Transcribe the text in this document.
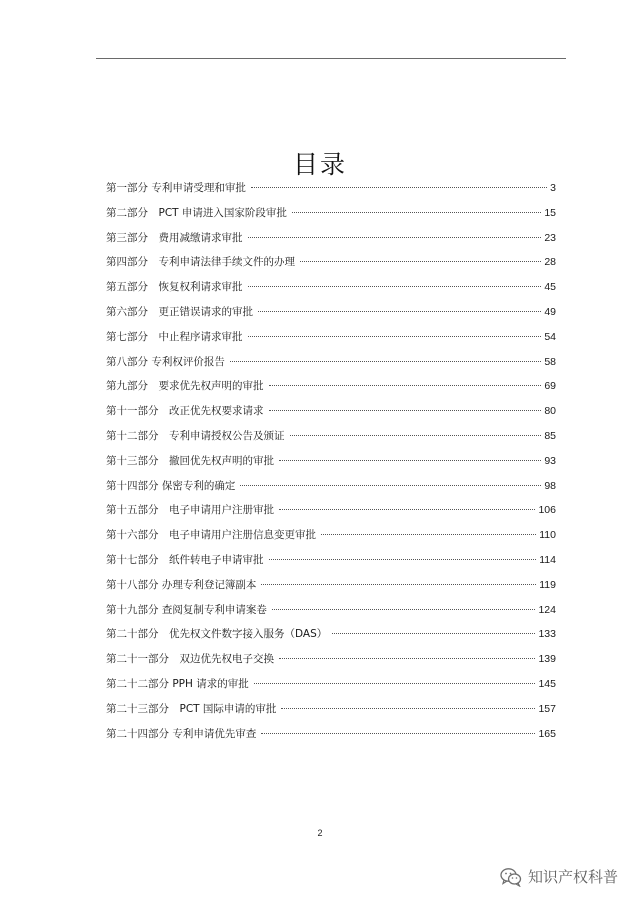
目录
第一部分 专利申请受理和审批	3
第二部分　PCT 申请进入国家阶段审批	15
第三部分　费用减缴请求审批	23
第四部分　专利申请法律手续文件的办理	28
第五部分　恢复权利请求审批	45
第六部分　更正错误请求的审批	49
第七部分　中止程序请求审批	54
第八部分 专利权评价报告	58
第九部分　要求优先权声明的审批	69
第十一部分　改正优先权要求请求	80
第十二部分　专利申请授权公告及颁证	85
第十三部分　撤回优先权声明的审批	93
第十四部分 保密专利的确定	98
第十五部分　电子申请用户注册审批	106
第十六部分　电子申请用户注册信息变更审批	110
第十七部分　纸件转电子申请审批	114
第十八部分 办理专利登记簿副本	119
第十九部分 查阅复制专利申请案卷	124
第二十部分　优先权文件数字接入服务（DAS）	133
第二十一部分　双边优先权电子交换	139
第二十二部分 PPH 请求的审批	145
第二十三部分　PCT 国际申请的审批	157
第二十四部分 专利申请优先审查	165
2
知识产权科普
